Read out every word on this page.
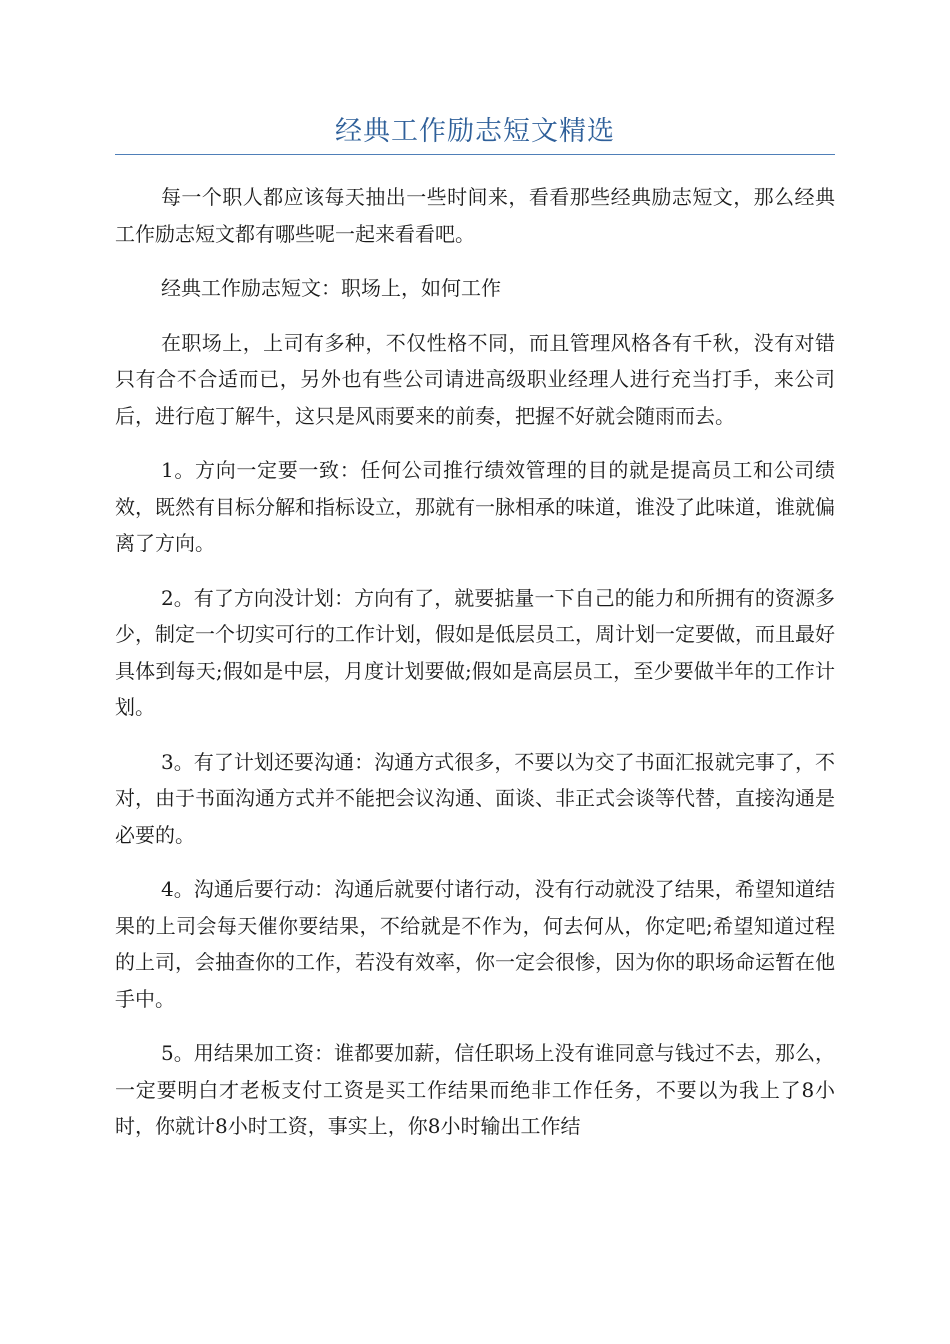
经典工作励志短文精选

每一个职人都应该每天抽出一些时间来，看看那些经典励志短文，那么经典工作励志短文都有哪些呢一起来看看吧。

经典工作励志短文：职场上，如何工作

在职场上，上司有多种，不仅性格不同，而且管理风格各有千秋，没有对错只有合不合适而已，另外也有些公司请进高级职业经理人进行充当打手，来公司后，进行庖丁解牛，这只是风雨要来的前奏，把握不好就会随雨而去。

1。方向一定要一致：任何公司推行绩效管理的目的就是提高员工和公司绩效，既然有目标分解和指标设立，那就有一脉相承的味道，谁没了此味道，谁就偏离了方向。

2。有了方向没计划：方向有了，就要掂量一下自己的能力和所拥有的资源多少，制定一个切实可行的工作计划，假如是低层员工，周计划一定要做，而且最好具体到每天;假如是中层，月度计划要做;假如是高层员工，至少要做半年的工作计划。

3。有了计划还要沟通：沟通方式很多，不要以为交了书面汇报就完事了，不对，由于书面沟通方式并不能把会议沟通、面谈、非正式会谈等代替，直接沟通是必要的。

4。沟通后要行动：沟通后就要付诸行动，没有行动就没了结果，希望知道结果的上司会每天催你要结果，不给就是不作为，何去何从，你定吧;希望知道过程的上司，会抽查你的工作，若没有效率，你一定会很惨，因为你的职场命运暂在他手中。

5。用结果加工资：谁都要加薪，信任职场上没有谁同意与钱过不去，那么，一定要明白才老板支付工资是买工作结果而绝非工作任务，不要以为我上了8小时，你就计8小时工资，事实上，你8小时输出工作结
